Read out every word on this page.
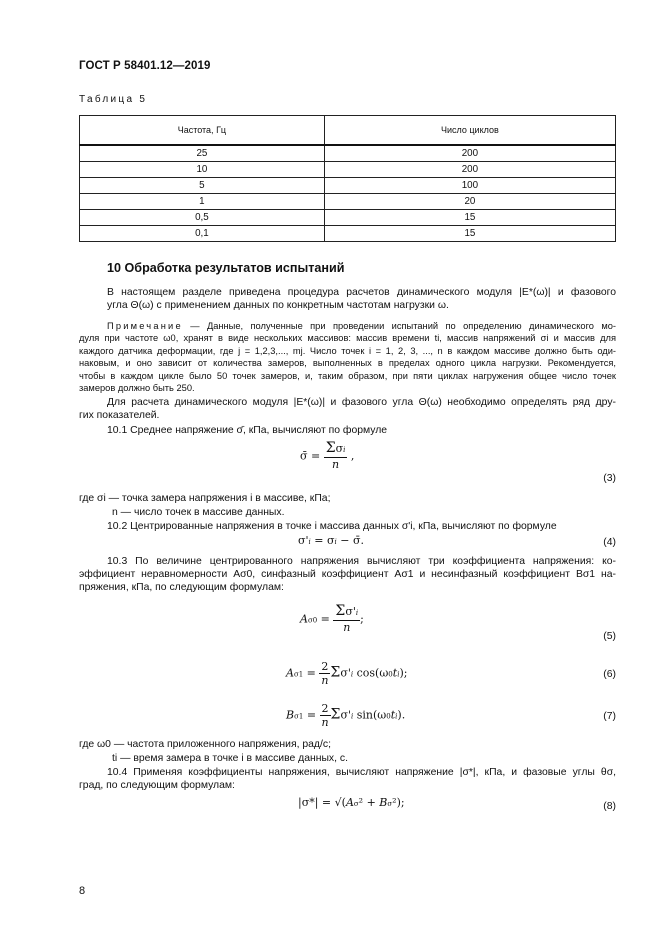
ГОСТ Р 58401.12—2019
Таблица 5
Частота, Гц	Число циклов
25	200
10	200
5	100
1	20
0,5	15
0,1	15
10 Обработка результатов испытаний
В настоящем разделе приведена процедура расчетов динамического модуля |E*(ω)| и фазового
угла Θ(ω) с применением данных по конкретным частотам нагрузки ω.
Примечание — Данные, полученные при проведении испытаний по определению динамического мо-
дуля при частоте ω0, хранят в виде нескольких массивов: массив времени ti, массив напряжений σi и массив для
каждого датчика деформации, где j = 1,2,3,..., mj. Число точек i = 1, 2, 3, ..., n в каждом массиве должно быть оди-
наковым, и оно зависит от количества замеров, выполненных в пределах одного цикла нагрузки. Рекомендуется,
чтобы в каждом цикле было 50 точек замеров, и, таким образом, при пяти циклах нагружения общее число точек
замеров должно быть 250.
Для расчета динамического модуля |E*(ω)| и фазового угла Θ(ω) необходимо определять ряд дру-
гих показателей.
10.1 Среднее напряжение σ̄, кПа, вычисляют по формуле
σ̄ = $\frac{\text{Σσi}}{n}$ ,
(3)
где σi — точка замера напряжения i в массиве, кПа;
n — число точек в массиве данных.
10.2 Центрированные напряжения в точке i массива данных σ'i, кПа, вычисляют по формуле
σ'i = σi − σ̄.	(4)
10.3 По величине центрированного напряжения вычисляют три коэффициента напряжения: ко-
эффициент неравномерности Aσ0, синфазный коэффициент Aσ1 и несинфазный коэффициент Bσ1 на-
пряжения, кПа, по следующим формулам:
$A\sigma 0 = \frac{\Sigma\sigma'i}{n}$ ;
(5)
$A\sigma 1 = \frac{2}{n} \Sigma\sigma'i$ cos(ω0ti);	(6)
$B\sigma 1 = \frac{2}{n} \Sigma\sigma'i$ sin(ω0ti).	(7)
где ω0 — частота приложенного напряжения, рад/с;
ti — время замера в точке i в массиве данных, с.
10.4 Применяя коэффициенты напряжения, вычисляют напряжение |σ*|, кПа, и фазовые углы θσ,
град, по следующим формулам:
|σ*| = √(Aσ² + Bσ²);	(8)
8
